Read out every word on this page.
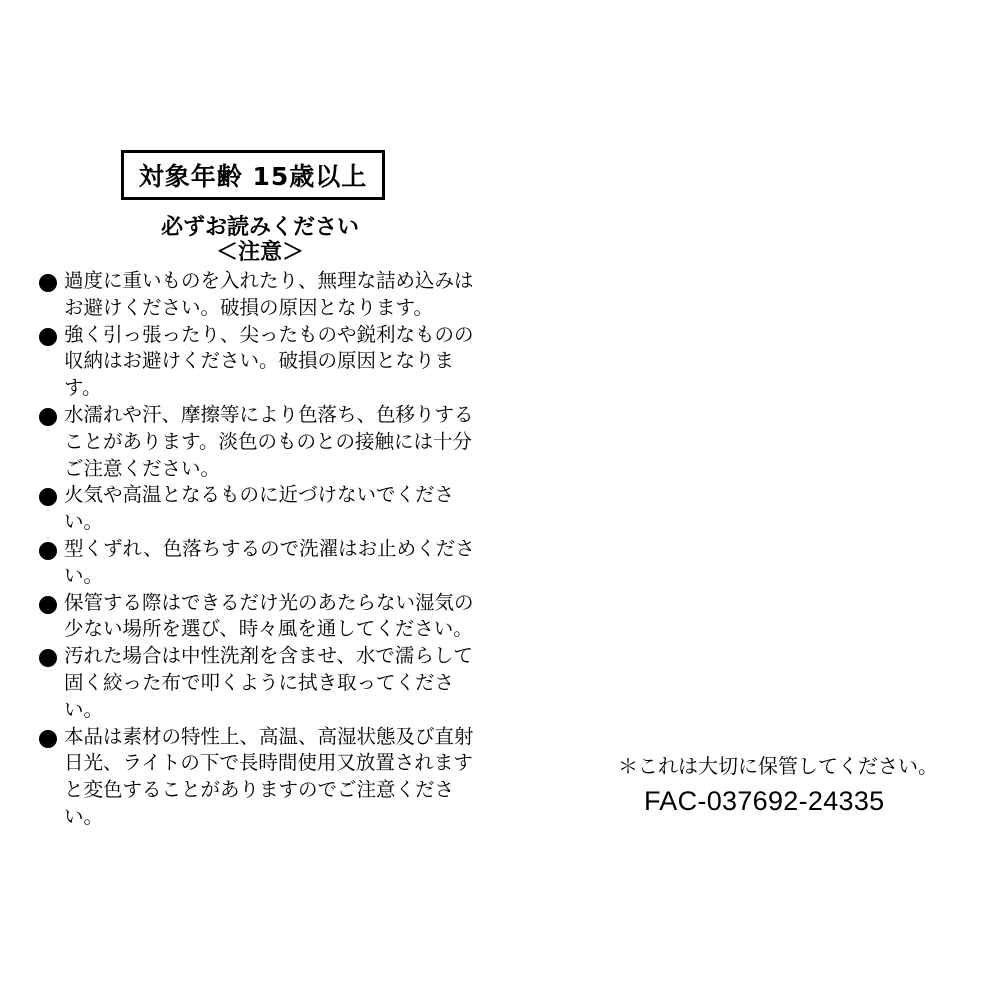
対象年齢 15歳以上
必ずお読みください
＜注意＞
過度に重いものを入れたり、無理な詰め込みはお避けください。破損の原因となります。
強く引っ張ったり、尖ったものや鋭利なものの収納はお避けください。破損の原因となります。
水濡れや汗、摩擦等により色落ち、色移りすることがあります。淡色のものとの接触には十分ご注意ください。
火気や高温となるものに近づけないでください。
型くずれ、色落ちするので洗濯はお止めください。
保管する際はできるだけ光のあたらない湿気の少ない場所を選び、時々風を通してください。
汚れた場合は中性洗剤を含ませ、水で濡らして固く絞った布で叩くように拭き取ってください。
本品は素材の特性上、高温、高湿状態及び直射日光、ライトの下で長時間使用又放置されますと変色することがありますのでご注意ください。
＊これは大切に保管してください。
FAC-037692-24335
